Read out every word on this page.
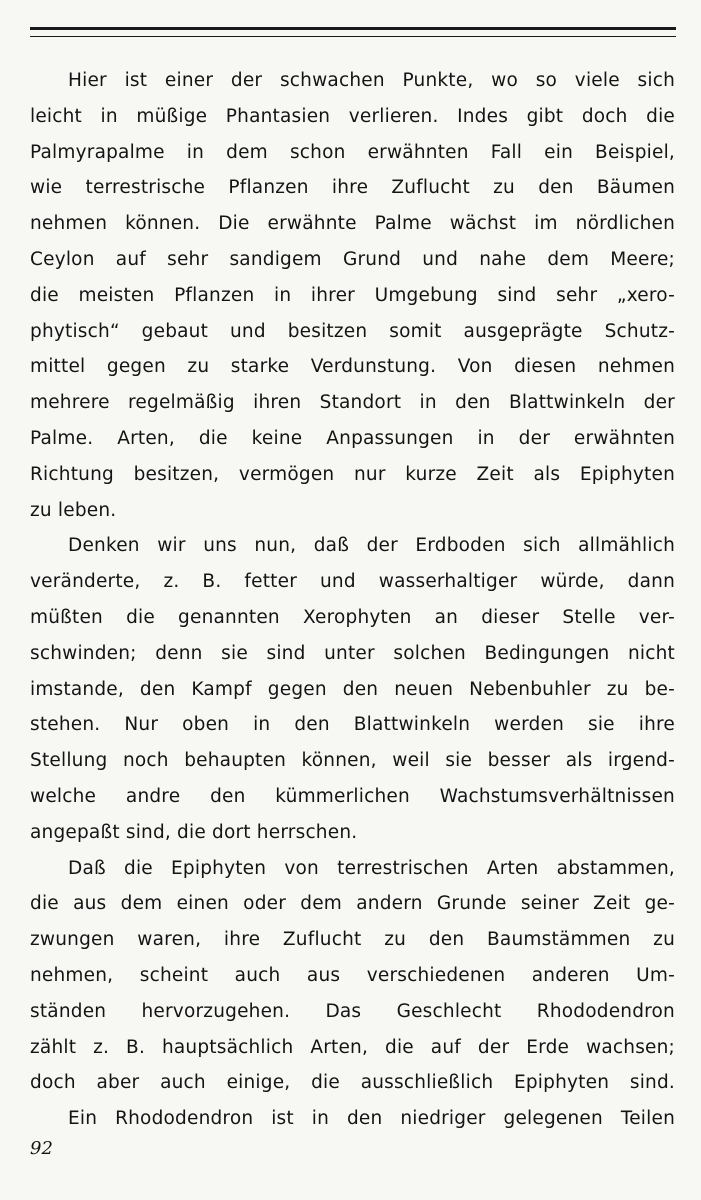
Hier ist einer der schwachen Punkte, wo so viele sich
leicht in müßige Phantasien verlieren. Indes gibt doch die
Palmyrapalme in dem schon erwähnten Fall ein Beispiel,
wie terrestrische Pflanzen ihre Zuflucht zu den Bäumen
nehmen können. Die erwähnte Palme wächst im nördlichen
Ceylon auf sehr sandigem Grund und nahe dem Meere;
die meisten Pflanzen in ihrer Umgebung sind sehr „xero-
phytisch“ gebaut und besitzen somit ausgeprägte Schutz-
mittel gegen zu starke Verdunstung. Von diesen nehmen
mehrere regelmäßig ihren Standort in den Blattwinkeln der
Palme. Arten, die keine Anpassungen in der erwähnten
Richtung besitzen, vermögen nur kurze Zeit als Epiphyten
zu leben.
Denken wir uns nun, daß der Erdboden sich allmählich
veränderte, z. B. fetter und wasserhaltiger würde, dann
müßten die genannten Xerophyten an dieser Stelle ver-
schwinden; denn sie sind unter solchen Bedingungen nicht
imstande, den Kampf gegen den neuen Nebenbuhler zu be-
stehen. Nur oben in den Blattwinkeln werden sie ihre
Stellung noch behaupten können, weil sie besser als irgend-
welche andre den kümmerlichen Wachstumsverhältnissen
angepaßt sind, die dort herrschen.
Daß die Epiphyten von terrestrischen Arten abstammen,
die aus dem einen oder dem andern Grunde seiner Zeit ge-
zwungen waren, ihre Zuflucht zu den Baumstämmen zu
nehmen, scheint auch aus verschiedenen anderen Um-
ständen hervorzugehen. Das Geschlecht Rhododendron
zählt z. B. hauptsächlich Arten, die auf der Erde wachsen;
doch aber auch einige, die ausschließlich Epiphyten sind.
Ein Rhododendron ist in den niedriger gelegenen Teilen
92
